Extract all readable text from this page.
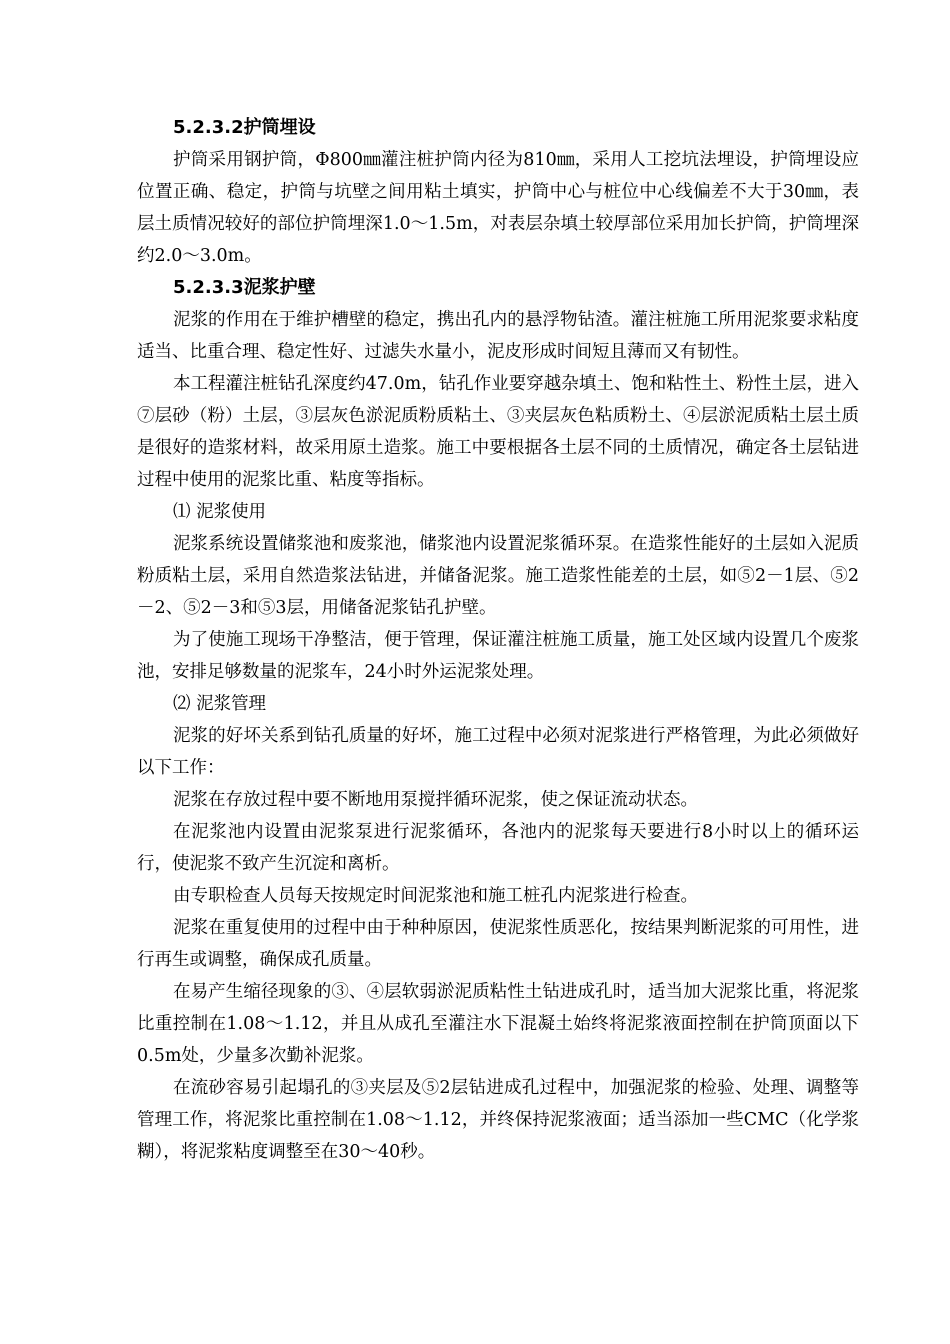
5.2.3.2护筒埋设

护筒采用钢护筒，Φ800㎜灌注桩护筒内径为810㎜，采用人工挖坑法埋设，护筒埋设应位置正确、稳定，护筒与坑壁之间用粘土填实，护筒中心与桩位中心线偏差不大于30㎜，表层土质情况较好的部位护筒埋深1.0～1.5m，对表层杂填土较厚部位采用加长护筒，护筒埋深约2.0～3.0m。

5.2.3.3泥浆护壁

泥浆的作用在于维护槽壁的稳定，携出孔内的悬浮物钻渣。灌注桩施工所用泥浆要求粘度适当、比重合理、稳定性好、过滤失水量小，泥皮形成时间短且薄而又有韧性。

本工程灌注桩钻孔深度约47.0m，钻孔作业要穿越杂填土、饱和粘性土、粉性土层，进入⑦层砂（粉）土层，③层灰色淤泥质粉质粘土、③夹层灰色粘质粉土、④层淤泥质粘土层土质是很好的造浆材料，故采用原土造浆。施工中要根据各土层不同的土质情况，确定各土层钻进过程中使用的泥浆比重、粘度等指标。

⑴ 泥浆使用

泥浆系统设置储浆池和废浆池，储浆池内设置泥浆循环泵。在造浆性能好的土层如入泥质粉质粘土层，采用自然造浆法钻进，并储备泥浆。施工造浆性能差的土层，如⑤2－1层、⑤2－2、⑤2－3和⑤3层，用储备泥浆钻孔护壁。

为了使施工现场干净整洁，便于管理，保证灌注桩施工质量，施工处区域内设置几个废浆池，安排足够数量的泥浆车，24小时外运泥浆处理。

⑵ 泥浆管理

泥浆的好坏关系到钻孔质量的好坏，施工过程中必须对泥浆进行严格管理，为此必须做好以下工作：

泥浆在存放过程中要不断地用泵搅拌循环泥浆，使之保证流动状态。

在泥浆池内设置由泥浆泵进行泥浆循环，各池内的泥浆每天要进行8小时以上的循环运行，使泥浆不致产生沉淀和离析。

由专职检查人员每天按规定时间泥浆池和施工桩孔内泥浆进行检查。

泥浆在重复使用的过程中由于种种原因，使泥浆性质恶化，按结果判断泥浆的可用性，进行再生或调整，确保成孔质量。

在易产生缩径现象的③、④层软弱淤泥质粘性土钻进成孔时，适当加大泥浆比重，将泥浆比重控制在1.08～1.12，并且从成孔至灌注水下混凝土始终将泥浆液面控制在护筒顶面以下0.5m处，少量多次勤补泥浆。

在流砂容易引起塌孔的③夹层及⑤2层钻进成孔过程中，加强泥浆的检验、处理、调整等管理工作，将泥浆比重控制在1.08～1.12，并终保持泥浆液面；适当添加一些CMC（化学浆糊），将泥浆粘度调整至在30～40秒。
